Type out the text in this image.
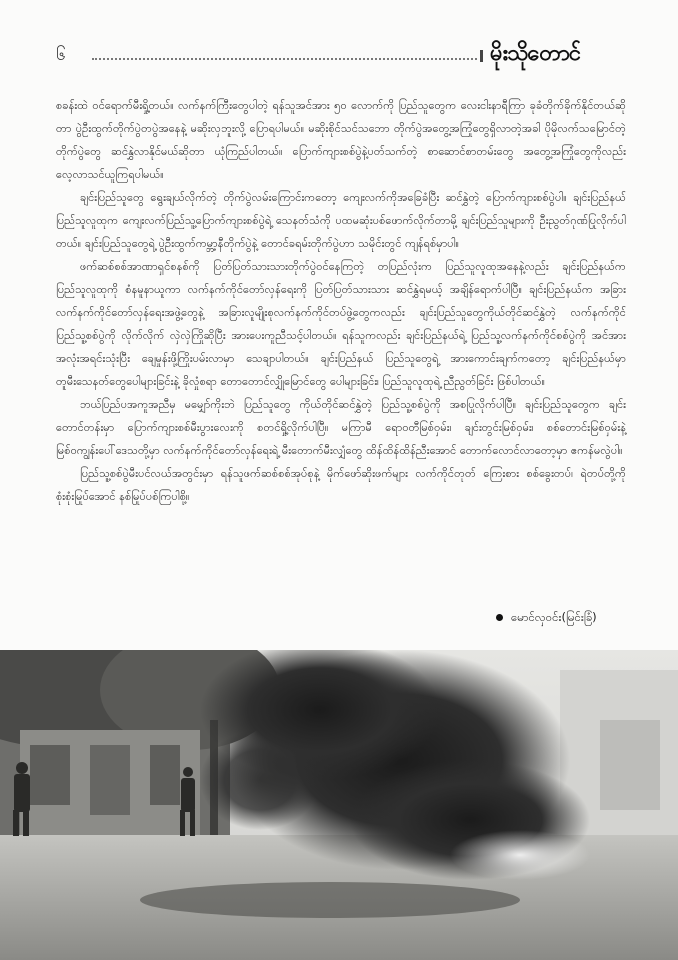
၆	မိုးသိုတောင်

စခန်းထဲ ဝင်ရောက်မီးရှို့တယ်။ လက်နက်ကြီးတွေပါတဲ့ ရန်သူအင်အား ၅၀ လောက်ကို ပြည်သူတွေက လေးငါးနာရီကြာ ခုခံတိုက်ခိုက်နိုင်တယ်ဆိုတာ ပွဲဦးထွက်တိုက်ပွဲတပွဲအနေနဲ့ မဆိုးလှဘူးလို့ ပြောရပါမယ်။ မဆိုးစိုင်သင်သဘော တိုက်ပွဲအတွေ့အကြုံတွေရှိလာတဲ့အခါ ပိုမိုလက်သမြောင်တဲ့ တိုက်ပွဲတွေ ဆင်နွှဲလာနိုင်မယ်ဆိုတာ ယုံကြည်ပါတယ်။ ပြောက်ကျားစစ်ပွဲနဲ့ပတ်သက်တဲ့ စာဆောင်စာတမ်းတွေ အတွေ့အကြုံတွေကိုလည်း လေ့လာသင်ယူကြရပါမယ်။

ချင်းပြည်သူတွေ ရွေးချယ်လိုက်တဲ့ တိုက်ပွဲလမ်းကြောင်းကတော့ ကျေးလက်ကိုအခြေခံပြီး ဆင်နွှဲတဲ့ ပြောက်ကျားစစ်ပွဲပါ။ ချင်းပြည်နယ် ပြည်သူလူထုက ကျေးလက်ပြည်သူ့ပြောက်ကျားစစ်ပွဲရဲ့ သေနတ်သံကို ပထမဆုံးပစ်ဖောက်လိုက်တာမို့ ချင်းပြည်သူများကို ဦးညွတ်ဂုဏ်ပြုလိုက်ပါတယ်။ ချင်းပြည်သူတွေရဲ့ ပွဲဦးထွက်ကမ္ဘာ့နီတိုက်ပွဲနဲ့ တောင်ခရမ်းတိုက်ပွဲဟာ သမိုင်းတွင် ကျန်ရစ်မှာပါ။

ဖက်ဆစ်စစ်အာဏာရှင်စနစ်ကို ပြတ်ပြတ်သားသားတိုက်ပွဲဝင်နေကြတဲ့ တပြည်လုံးက ပြည်သူလူထုအနေနဲ့လည်း ချင်းပြည်နယ်က ပြည်သူလူထုကို စံနမူနာယူကာ လက်နက်ကိုင်တော်လှန်ရေးကို ပြတ်ပြတ်သားသား ဆင်နွှဲရမယ့် အချိန်ရောက်ပါပြီ။ ချင်းပြည်နယ်က အခြား လက်နက်ကိုင်တော်လှန်ရေးအဖွဲ့တွေနဲ့ အခြားလူမျိုးစုလက်နက်ကိုင်တပ်ဖွဲ့တွေကလည်း ချင်းပြည်သူတွေကိုယ်တိုင်ဆင်နွှဲတဲ့ လက်နက်ကိုင် ပြည်သူ့စစ်ပွဲကို လိုက်လိုက် လှဲလှဲကြိုဆိုပြီး အားပေးကူညီသင့်ပါတယ်။ ရန်သူကလည်း ချင်းပြည်နယ်ရဲ့ ပြည်သူ့လက်နက်ကိုင်စစ်ပွဲကို အင်အား အလုံးအရင်းသုံးပြီး ချေမှုန်းဖို့ကြိုးပမ်းလာမှာ သေချာပါတယ်။ ချင်းပြည်နယ် ပြည်သူတွေရဲ့ အားကောင်းချက်ကတော့ ချင်းပြည်နယ်မှာ တူမီးသေနတ်တွေပေါများခြင်းနဲ့ ခိုလှုံစရာ တောတောင်လျှိုမြောင်တွေ ပေါများခြင်း၊ ပြည်သူလူထုရဲ့ ညီညွတ်ခြင်း ဖြစ်ပါတယ်။

ဘယ်ပြည်ပအကူအညီမှ မမျှော်ကိုးဘဲ ပြည်သူတွေ ကိုယ်တိုင်ဆင်နွှဲတဲ့ ပြည်သူ့စစ်ပွဲကို အစပြုလိုက်ပါပြီ။ ချင်းပြည်သူတွေက ချင်းတောင်တန်းမှာ ပြောက်ကျားစစ်မီးပွားလေးကို စတင်ရှို့လိုက်ပါပြီ။ မကြာမီ ရောဝတီမြစ်ဝှမ်း၊ ချင်းတွင်းမြစ်ဝှမ်း၊ စစ်တောင်းမြစ်ဝှမ်းနဲ့ မြစ်ဝကျွန်းပေါ်ဒေသတို့မှာ လက်နက်ကိုင်တော်လှန်ရေးရဲ့ မီးတောက်မီးလျှံတွေ ထိန်ထိန်ထိန်ညီးအောင် တောက်လောင်လာတော့မှာ ဧကန်မလွဲပါ။

ပြည်သူ့စစ်ပွဲမီးပင်လယ်အတွင်းမှာ ရန်သူဖက်ဆစ်စစ်အုပ်စုနဲ့ မိုက်ဖော်ဆိုးဖက်များ လက်ကိုင်တုတ် ကြေးစား စစ်ခွေးတပ်၊ ရဲတပ်တို့ကို စုံးစုံးမြုပ်အောင် နစ်မြုပ်ပစ်ကြပါစို့။

မောင်လှဝင်း(မြင်းခြံ)
